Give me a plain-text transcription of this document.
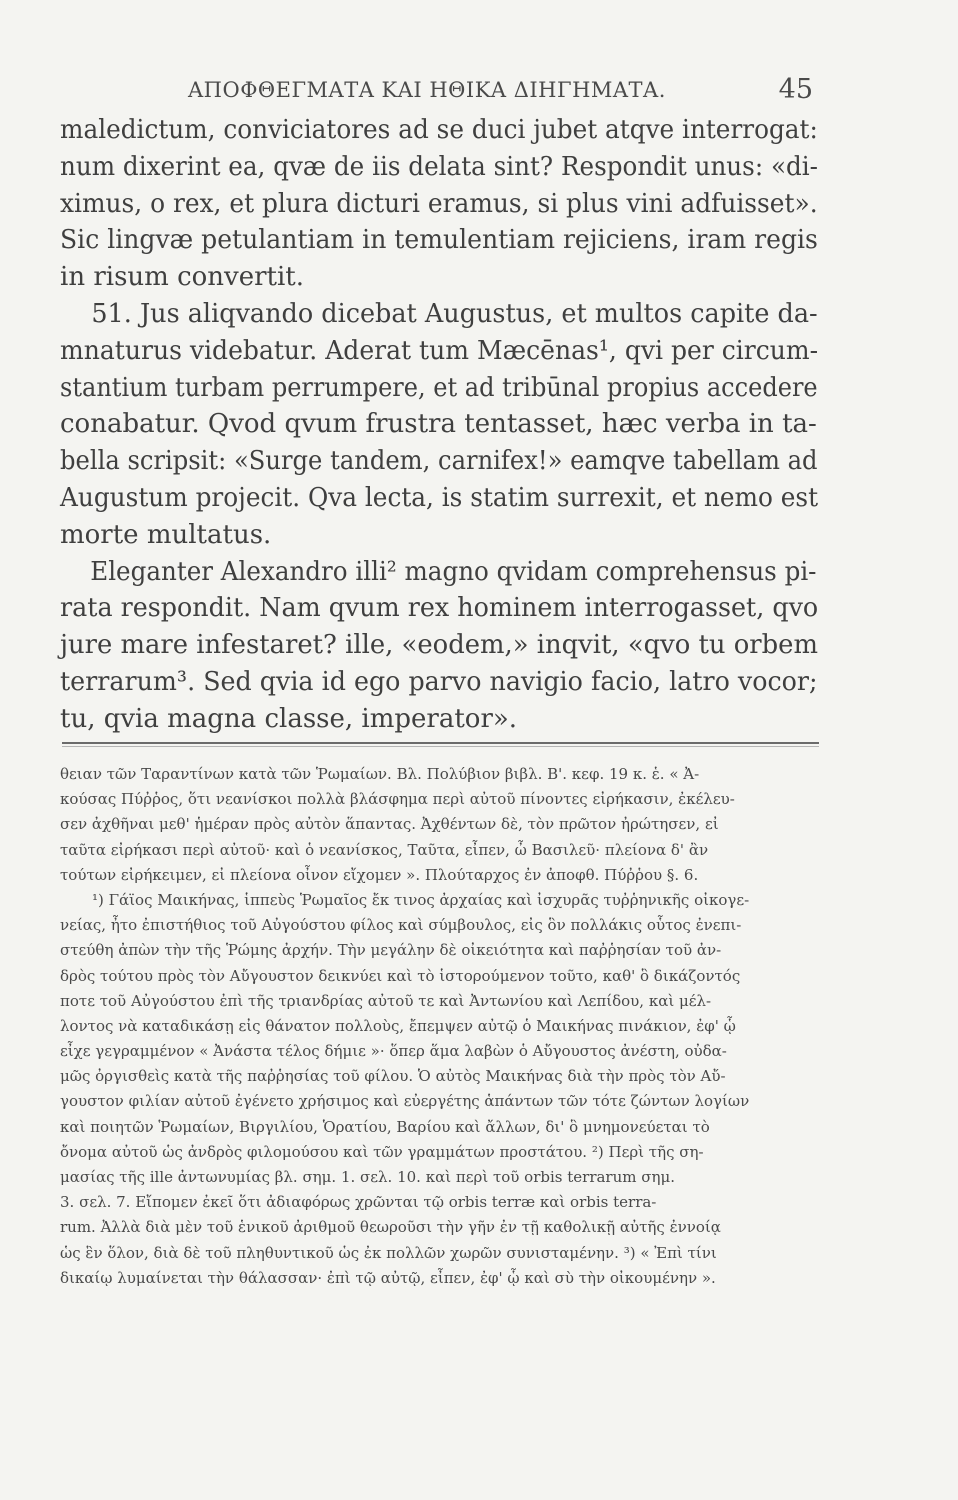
ΑΠΟΦΘΕΓΜΑΤΑ ΚΑΙ ΗΘΙΚΑ ΔΙΗΓΗΜΑΤΑ.	45
maledictum, conviciatores ad se duci jubet atqve interrogat:
num dixerint ea, qvæ de iis delata sint? Respondit unus: «di-
ximus, o rex, et plura dicturi eramus, si plus vini adfuisset».
Sic lingvæ petulantiam in temulentiam rejiciens, iram regis
in risum convertit.
51. Jus aliqvando dicebat Augustus, et multos capite da-
mnaturus videbatur. Aderat tum Mæcēnas¹, qvi per circum-
stantium turbam perrumpere, et ad tribūnal propius accedere
conabatur. Qvod qvum frustra tentasset, hæc verba in ta-
bella scripsit: «Surge tandem, carnifex!» eamqve tabellam ad
Augustum projecit. Qva lecta, is statim surrexit, et nemo est
morte multatus.
Eleganter Alexandro illi² magno qvidam comprehensus pi-
rata respondit. Nam qvum rex hominem interrogasset, qvo
jure mare infestaret? ille, «eodem,» inqvit, «qvo tu orbem
terrarum³. Sed qvia id ego parvo navigio facio, latro vocor;
tu, qvia magna classe, imperator».
θειαν τῶν Ταραντίνων κατὰ τῶν Ῥωμαίων. Βλ. Πολύβιον βιβλ. Β'. κεφ. 19 κ. ἑ. « Ἀ-
κούσας Πύῤῥος, ὅτι νεανίσκοι πολλὰ βλάσφημα περὶ αὐτοῦ πίνοντες εἰρήκασιν, ἐκέλευ-
σεν ἀχθῆναι μεθ' ἡμέραν πρὸς αὐτὸν ἅπαντας. Ἀχθέντων δὲ, τὸν πρῶτον ἠρώτησεν, εἰ
ταῦτα εἰρήκασι περὶ αὐτοῦ· καὶ ὁ νεανίσκος, Ταῦτα, εἶπεν, ὦ Βασιλεῦ· πλείονα δ' ἂν
τούτων εἰρήκειμεν, εἰ πλείονα οἶνον εἴχομεν ». Πλούταρχος ἐν ἀποφθ. Πύῤῥου §. 6.
¹) Γάϊος Μαικήνας, ἱππεὺς Ῥωμαῖος ἔκ τινος ἀρχαίας καὶ ἰσχυρᾶς τυῤῥηνικῆς οἰκογε-
νείας, ἦτο ἐπιστήθιος τοῦ Αὐγούστου φίλος καὶ σύμβουλος, εἰς ὃν πολλάκις οὗτος ἐνεπι-
στεύθη ἀπὼν τὴν τῆς Ῥώμης ἀρχήν. Τὴν μεγάλην δὲ οἰκειότητα καὶ παῤῥησίαν τοῦ ἀν-
δρὸς τούτου πρὸς τὸν Αὔγουστον δεικνύει καὶ τὸ ἱστορούμενον τοῦτο, καθ' ὃ δικάζοντός
ποτε τοῦ Αὐγούστου ἐπὶ τῆς τριανδρίας αὐτοῦ τε καὶ Ἀντωνίου καὶ Λεπίδου, καὶ μέλ-
λοντος νὰ καταδικάσῃ εἰς θάνατον πολλοὺς, ἔπεμψεν αὐτῷ ὁ Μαικήνας πινάκιον, ἐφ' ᾧ
εἶχε γεγραμμένον « Ἀνάστα τέλος δήμιε »· ὅπερ ἅμα λαβὼν ὁ Αὔγουστος ἀνέστη, οὐδα-
μῶς ὀργισθεὶς κατὰ τῆς παῤῥησίας τοῦ φίλου. Ὁ αὐτὸς Μαικήνας διὰ τὴν πρὸς τὸν Αὔ-
γουστον φιλίαν αὐτοῦ ἐγένετο χρήσιμος καὶ εὐεργέτης ἁπάντων τῶν τότε ζώντων λογίων
καὶ ποιητῶν Ῥωμαίων, Βιργιλίου, Ὁρατίου, Βαρίου καὶ ἄλλων, δι' ὃ μνημονεύεται τὸ
ὄνομα αὐτοῦ ὡς ἀνδρὸς φιλομούσου καὶ τῶν γραμμάτων προστάτου. ²) Περὶ τῆς ση-
μασίας τῆς ille ἀντωνυμίας βλ. σημ. 1. σελ. 10. καὶ περὶ τοῦ orbis terrarum σημ.
3. σελ. 7. Εἴπομεν ἐκεῖ ὅτι ἀδιαφόρως χρῶνται τῷ orbis terræ καὶ orbis terra-
rum. Ἀλλὰ διὰ μὲν τοῦ ἑνικοῦ ἀριθμοῦ θεωροῦσι τὴν γῆν ἐν τῇ καθολικῇ αὐτῆς ἐννοίᾳ
ὡς ἓν ὅλον, διὰ δὲ τοῦ πληθυντικοῦ ὡς ἐκ πολλῶν χωρῶν συνισταμένην. ³) « Ἐπὶ τίνι
δικαίῳ λυμαίνεται τὴν θάλασσαν· ἐπὶ τῷ αὐτῷ, εἶπεν, ἐφ' ᾧ καὶ σὺ τὴν οἰκουμένην ».
